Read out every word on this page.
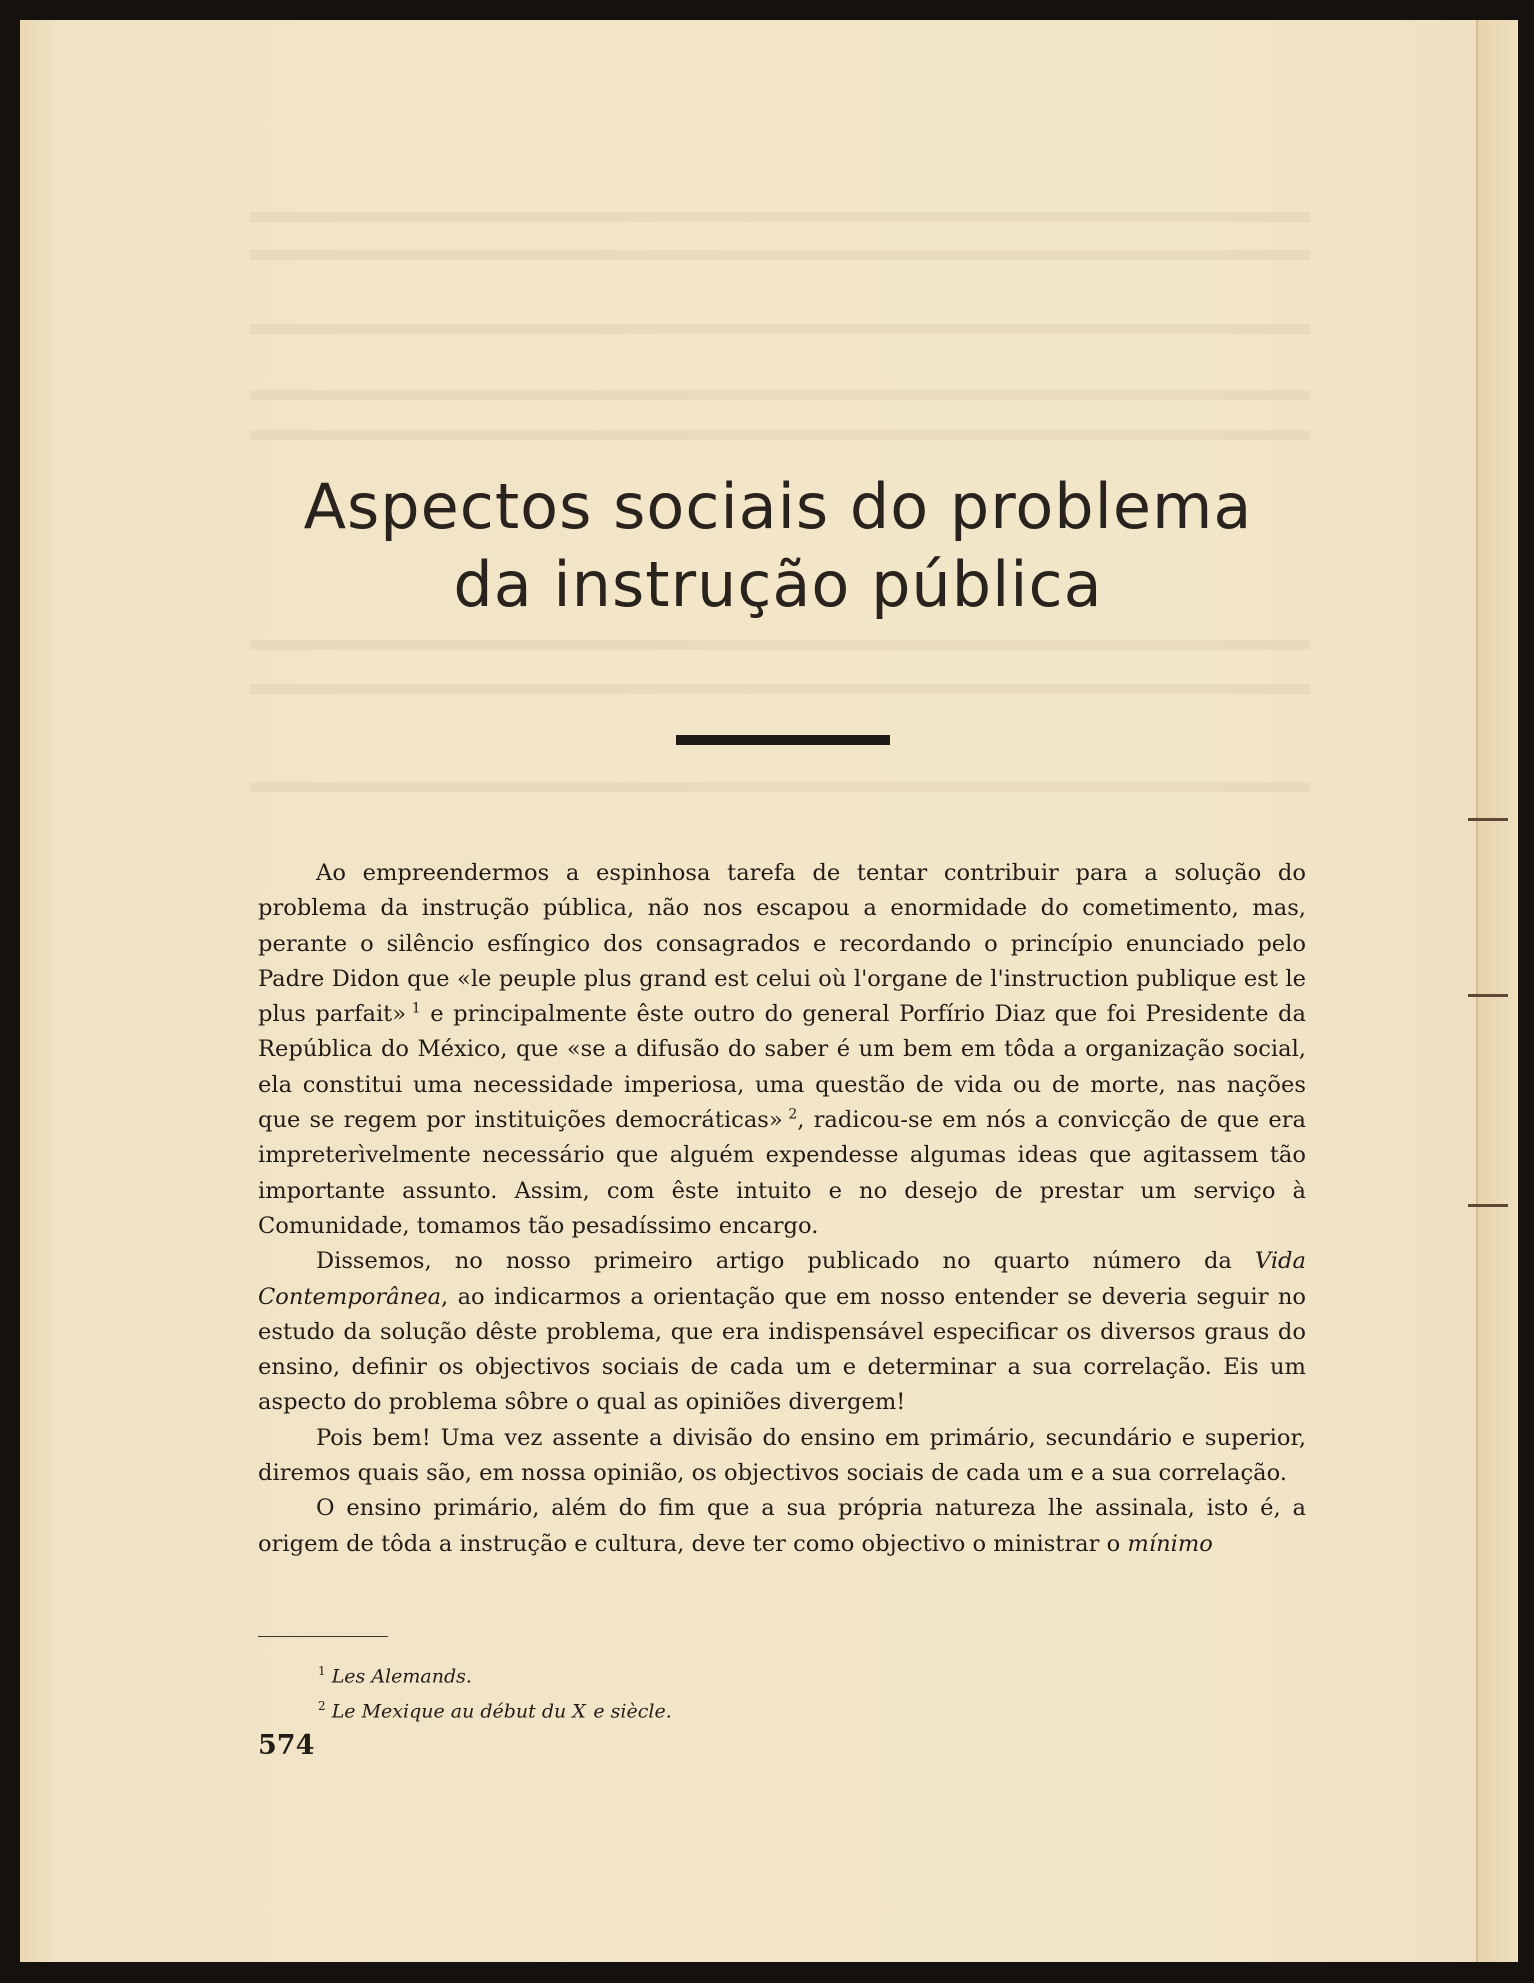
Aspectos sociais do problema
da instrução pública

Ao empreendermos a espinhosa tarefa de tentar contribuir para a solução do problema da instrução pública, não nos escapou a enormidade do cometimento, mas, perante o silêncio esfíngico dos consagrados e recordando o princípio enunciado pelo Padre Didon que «le peuple plus grand est celui où l'organe de l'instruction publique est le plus parfait»  $^1$ e principalmente êste outro do general Porfírio Diaz que foi Presidente da República do México, que «se a difusão do saber é um bem em tôda a organização social, ela constitui uma necessidade imperiosa, uma questão de vida ou de morte, nas nações que se regem por instituições democráticas»  $^2$, radicou-se em nós a convicção de que era impreterìvelmente necessário que alguém expendesse algumas ideas que agitassem tão importante assunto. Assim, com êste intuito e no desejo de prestar um serviço à Comunidade, tomamos tão pesadíssimo encargo.

Dissemos, no nosso primeiro artigo publicado no quarto número da Vida Contemporânea, ao indicarmos a orientação que em nosso entender se deveria seguir no estudo da solução dêste problema, que era indispensável especificar os diversos graus do ensino, definir os objectivos sociais de cada um e determinar a sua correlação. Eis um aspecto do problema sôbre o qual as opiniões divergem!

Pois bem! Uma vez assente a divisão do ensino em primário, secundário e superior, diremos quais são, em nossa opinião, os objectivos sociais de cada um e a sua correlação.

O ensino primário, além do fim que a sua própria natureza lhe assinala, isto é, a origem de tôda a instrução e cultura, deve ter como objectivo o ministrar o mínimo

$^1$ Les Alemands.
$^2$ Le Mexique au début du X  e siècle.
574
